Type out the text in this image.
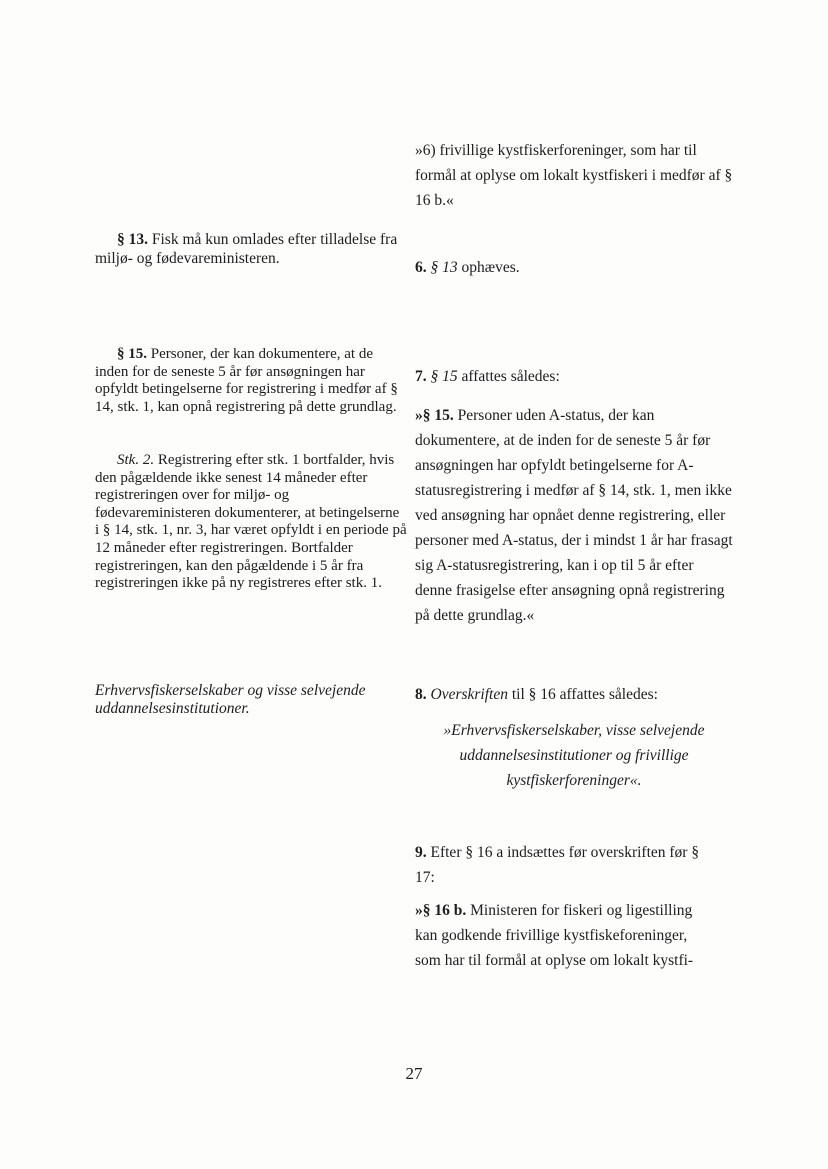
»6) frivillige kystfiskerforeninger, som har til formål at oplyse om lokalt kystfiskeri i medfør af § 16 b.«

6. § 13 ophæves.

7. § 15 affattes således:

»§ 15. Personer uden A-status, der kan dokumentere, at de inden for de seneste 5 år før ansøgningen har opfyldt betingelserne for A-statusregistrering i medfør af § 14, stk. 1, men ikke ved ansøgning har opnået denne registrering, eller personer med A-status, der i mindst 1 år har frasagt sig A-statusregistrering, kan i op til 5 år efter denne frasigelse efter ansøgning opnå registrering på dette grundlag.«

8. Overskriften til § 16 affattes således:

»Erhvervsfiskerselskaber, visse selvejende uddannelsesinstitutioner og frivillige kystfiskerforeninger«.

9. Efter § 16 a indsættes før overskriften før § 17:

»§ 16 b. Ministeren for fiskeri og ligestilling kan godkende frivillige kystfiskeforeninger, som har til formål at oplyse om lokalt kystfi-

§ 13. Fisk må kun omlades efter tilladelse fra miljø- og fødevareministeren.

§ 15. Personer, der kan dokumentere, at de inden for de seneste 5 år før ansøgningen har opfyldt betingelserne for registrering i medfør af § 14, stk. 1, kan opnå registrering på dette grundlag.

Stk. 2. Registrering efter stk. 1 bortfalder, hvis den pågældende ikke senest 14 måneder efter registreringen over for miljø- og fødevareministeren dokumenterer, at betingelserne i § 14, stk. 1, nr. 3, har været opfyldt i en periode på 12 måneder efter registreringen. Bortfalder registreringen, kan den pågældende i 5 år fra registreringen ikke på ny registreres efter stk. 1.

Erhvervsfiskerselskaber og visse selvejende uddannelsesinstitutioner.

27
